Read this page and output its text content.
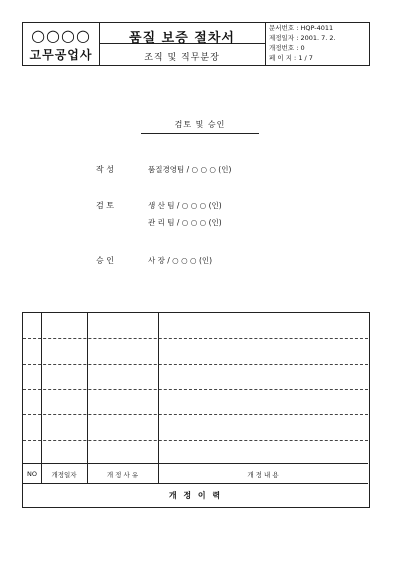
○○○○
고무공업사
품질 보증 절차서
조직 및 직무분장
문서번호 : HQP-4011
제정일자 : 2001. 7. 2.
개정번호 : 0
페 이 지 : 1 / 7
검토 및 승인
작 성	품질경영팀 / ○ ○ ○ (인)
검 토	생 산 팀 / ○ ○ ○ (인)
관 리 팀 / ○ ○ ○ (인)
승 인	사 장 / ○ ○ ○ (인)
NO	개정일자	개 정 사 유	개 정 내 용
개 정 이 력
